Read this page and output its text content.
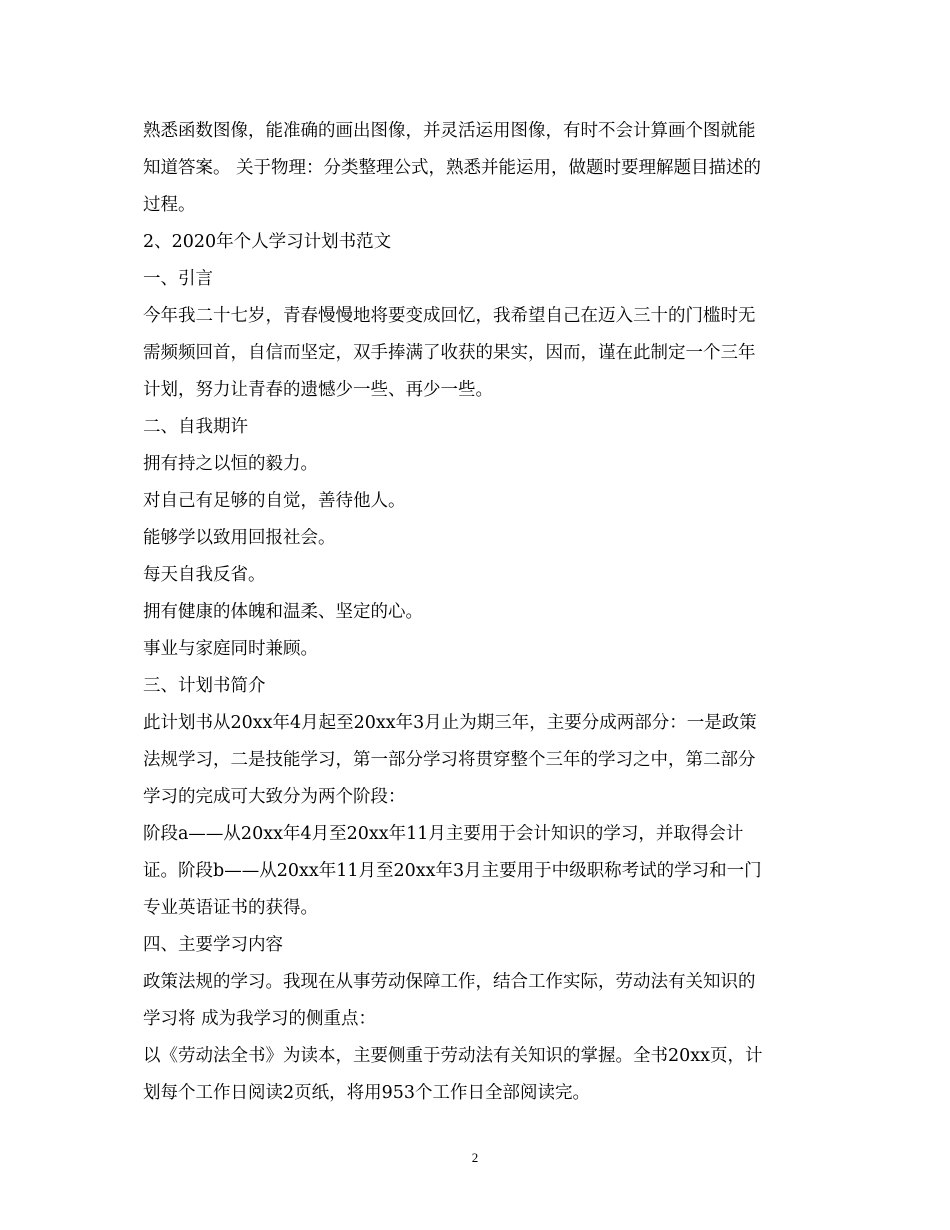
熟悉函数图像，能准确的画出图像，并灵活运用图像，有时不会计算画个图就能
知道答案。 关于物理：分类整理公式，熟悉并能运用，做题时要理解题目描述的
过程。
2、2020年个人学习计划书范文
一、引言
今年我二十七岁，青春慢慢地将要变成回忆，我希望自己在迈入三十的门槛时无
需频频回首，自信而坚定，双手捧满了收获的果实，因而，谨在此制定一个三年
计划，努力让青春的遗憾少一些、再少一些。
二、自我期许
拥有持之以恒的毅力。
对自己有足够的自觉，善待他人。
能够学以致用回报社会。
每天自我反省。
拥有健康的体魄和温柔、坚定的心。
事业与家庭同时兼顾。
三、计划书简介
此计划书从20xx年4月起至20xx年3月止为期三年，主要分成两部分：一是政策
法规学习，二是技能学习，第一部分学习将贯穿整个三年的学习之中，第二部分
学习的完成可大致分为两个阶段：
阶段a——从20xx年4月至20xx年11月主要用于会计知识的学习，并取得会计
证。阶段b——从20xx年11月至20xx年3月主要用于中级职称考试的学习和一门
专业英语证书的获得。
四、主要学习内容
政策法规的学习。我现在从事劳动保障工作，结合工作实际，劳动法有关知识的
学习将 成为我学习的侧重点：
以《劳动法全书》为读本，主要侧重于劳动法有关知识的掌握。全书20xx页，计
划每个工作日阅读2页纸，将用953个工作日全部阅读完。
2
